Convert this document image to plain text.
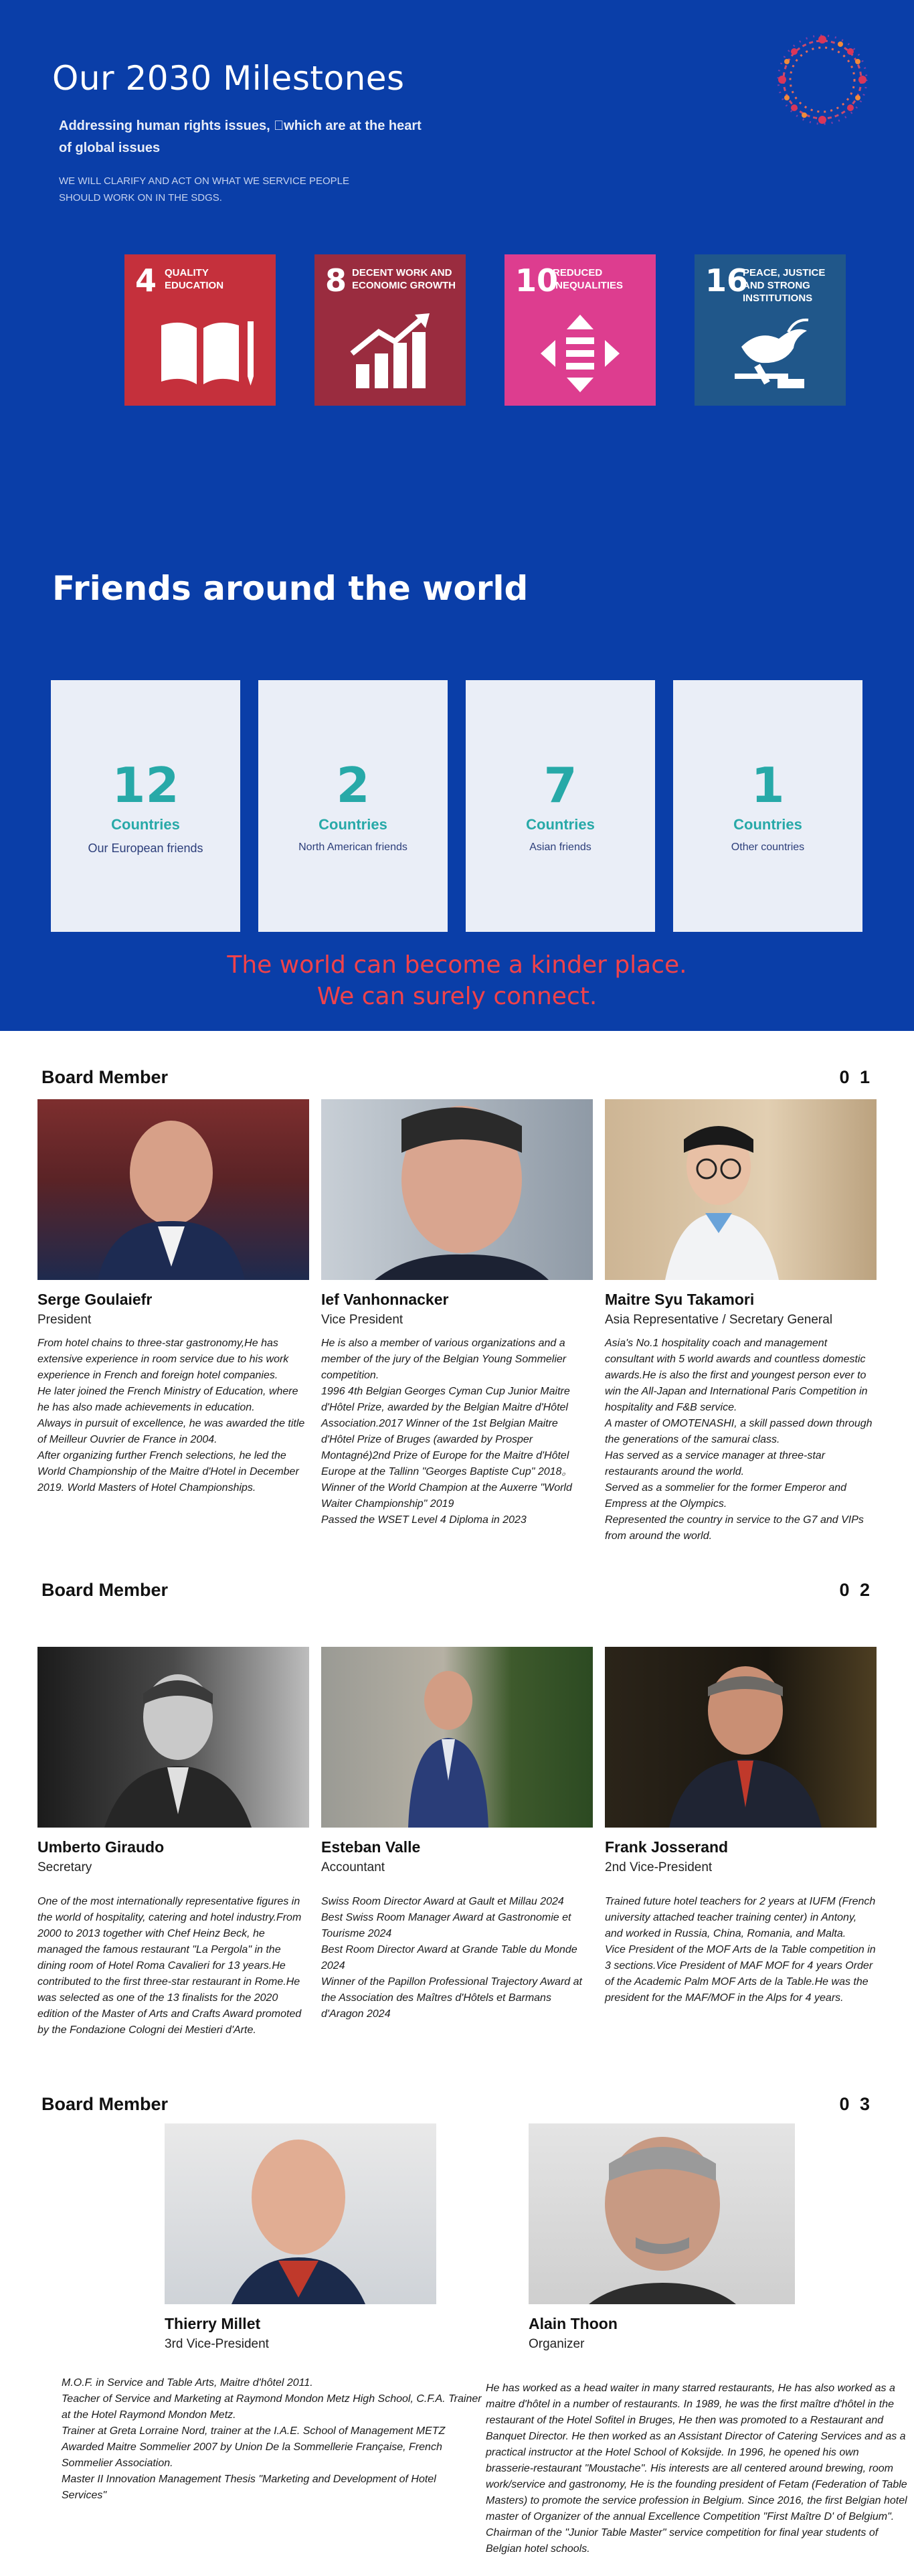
Our 2030 Milestones

Addressing human rights issues,  which are at the heart of global issues

WE WILL CLARIFY AND ACT ON WHAT WE SERVICE PEOPLE SHOULD WORK ON IN THE SDGS.

4 QUALITY EDUCATION	8 DECENT WORK AND ECONOMIC GROWTH 10
REDUCED INEQUALITIES	16
PEACE, JUSTICE AND STRONG INSTITUTIONS
Friends around the world
12
Countries
Our European friends
2
Countries
North American friends
7
Countries
Asian friends
1
Countries
Other countries
The world can become a kinder place.
We can surely connect.
Board Member	0 1
Serge Goulaiefr
President
From hotel chains to three-star gastronomy,He has extensive experience in room service due to his work experience in French and foreign hotel companies.
He later joined the French Ministry of Education, where he has also made achievements in education.
Always in pursuit of excellence, he was awarded the title of Meilleur Ouvrier de France in 2004.
After organizing further French selections, he led the World Championship of the Maitre d'Hotel in December 2019. World Masters of Hotel Championships.
Ief Vanhonnacker
Vice President
He is also a member of various organizations and a member of the jury of the Belgian Young Sommelier competition.
1996 4th Belgian Georges Cyman Cup Junior Maitre d'Hôtel Prize, awarded by the Belgian Maitre d'Hôtel Association.2017 Winner of the 1st Belgian Maitre d'Hôtel Prize of Bruges (awarded by Prosper Montagné)2nd Prize of Europe for the Maitre d'Hôtel Europe at the Tallinn "Georges Baptiste Cup" 2018。Winner of the World Champion at the Auxerre "World Waiter Championship" 2019
Passed the WSET Level 4 Diploma in 2023
Maitre Syu Takamori
Asia Representative / Secretary General
Asia's No.1 hospitality coach and management consultant with 5 world awards and countless domestic awards.He is also the first and youngest person ever to win the All-Japan and International Paris Competition in hospitality and F&B service.
A master of OMOTENASHI, a skill passed down through the generations of the samurai class.
Has served as a service manager at three-star restaurants around the world.
Served as a sommelier for the former Emperor and Empress at the Olympics.
Represented the country in service to the G7 and VIPs from around the world.
Board Member	0 2
Umberto Giraudo
Secretary
One of the most internationally representative figures in the world of hospitality, catering and hotel industry.From 2000 to 2013 together with Chef Heinz Beck, he managed the famous restaurant "La Pergola" in the dining room of Hotel Roma Cavalieri for 13 years.He contributed to the first three-star restaurant in Rome.He was selected as one of the 13 finalists for the 2020 edition of the Master of Arts and Crafts Award promoted by the Fondazione Cologni dei Mestieri d'Arte.
Esteban Valle
Accountant
Swiss Room Director Award at Gault et Millau 2024
Best Swiss Room Manager Award at Gastronomie et Tourisme 2024
Best Room Director Award at Grande Table du Monde 2024
Winner of the Papillon Professional Trajectory Award at the Association des Maîtres d'Hôtels et Barmans d'Aragon 2024
Frank Josserand
2nd Vice-President
Trained future hotel teachers for 2 years at IUFM (French university attached teacher training center) in Antony, and worked in Russia, China, Romania, and Malta.
Vice President of the MOF Arts de la Table competition in 3 sections.Vice President of MAF MOF for 4 years Order of the Academic Palm MOF Arts de la Table.He was the president for the MAF/MOF in the Alps for 4 years.
Board Member	0 3
Thierry Millet
3rd Vice-President
M.O.F. in Service and Table Arts, Maitre d'hôtel 2011.
Teacher of Service and Marketing at Raymond Mondon Metz High School, C.F.A. Trainer at the Hotel Raymond Mondon Metz.
Trainer at Greta Lorraine Nord, trainer at the I.A.E. School of Management METZ Awarded Maitre Sommelier 2007 by Union De la Sommellerie Française, French Sommelier Association.
Master II Innovation Management Thesis "Marketing and Development of Hotel Services"
Alain Thoon
Organizer
He has worked as a head waiter in many starred restaurants, He has also worked as a maitre d'hôtel in a number of restaurants. In 1989, he was the first maître d'hôtel in the restaurant of the Hotel Sofitel in Bruges, He then was promoted to a Restaurant and Banquet Director. He then worked as an Assistant Director of Catering Services and as a practical instructor at the Hotel School of Koksijde. In 1996, he opened his own brasserie-restaurant "Moustache". His interests are all centered around brewing, room work/service and gastronomy, He is the founding president of Fetam (Federation of Table Masters) to promote the service profession in Belgium. Since 2016, the first Belgian hotel master of Organizer of the annual Excellence Competition "First Maître D' of Belgium". Chairman of the "Junior Table Master" service competition for final year students of Belgian hotel schools.
